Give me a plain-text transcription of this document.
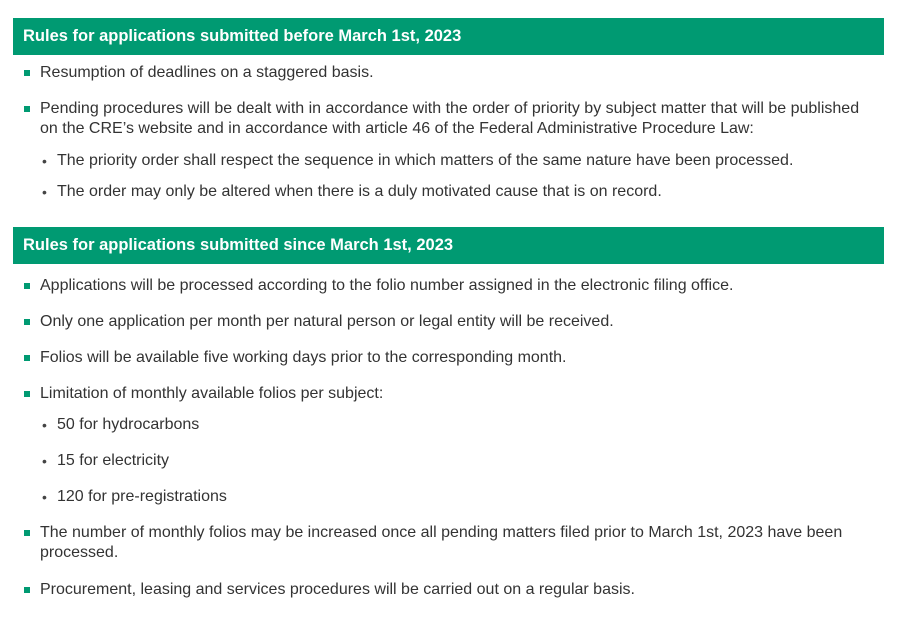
Rules for applications submitted before March 1st, 2023
Resumption of deadlines on a staggered basis.
Pending procedures will be dealt with in accordance with the order of priority by subject matter that will be published on the CRE’s website and in accordance with article 46 of the Federal Administrative Procedure Law:
• The priority order shall respect the sequence in which matters of the same nature have been processed.
• The order may only be altered when there is a duly motivated cause that is on record.
Rules for applications submitted since March 1st, 2023
Applications will be processed according to the folio number assigned in the electronic filing office.
Only one application per month per natural person or legal entity will be received.
Folios will be available five working days prior to the corresponding month.
Limitation of monthly available folios per subject:
• 50 for hydrocarbons
• 15 for electricity
• 120 for pre-registrations
The number of monthly folios may be increased once all pending matters filed prior to March 1st, 2023 have been processed.
Procurement, leasing and services procedures will be carried out on a regular basis.
